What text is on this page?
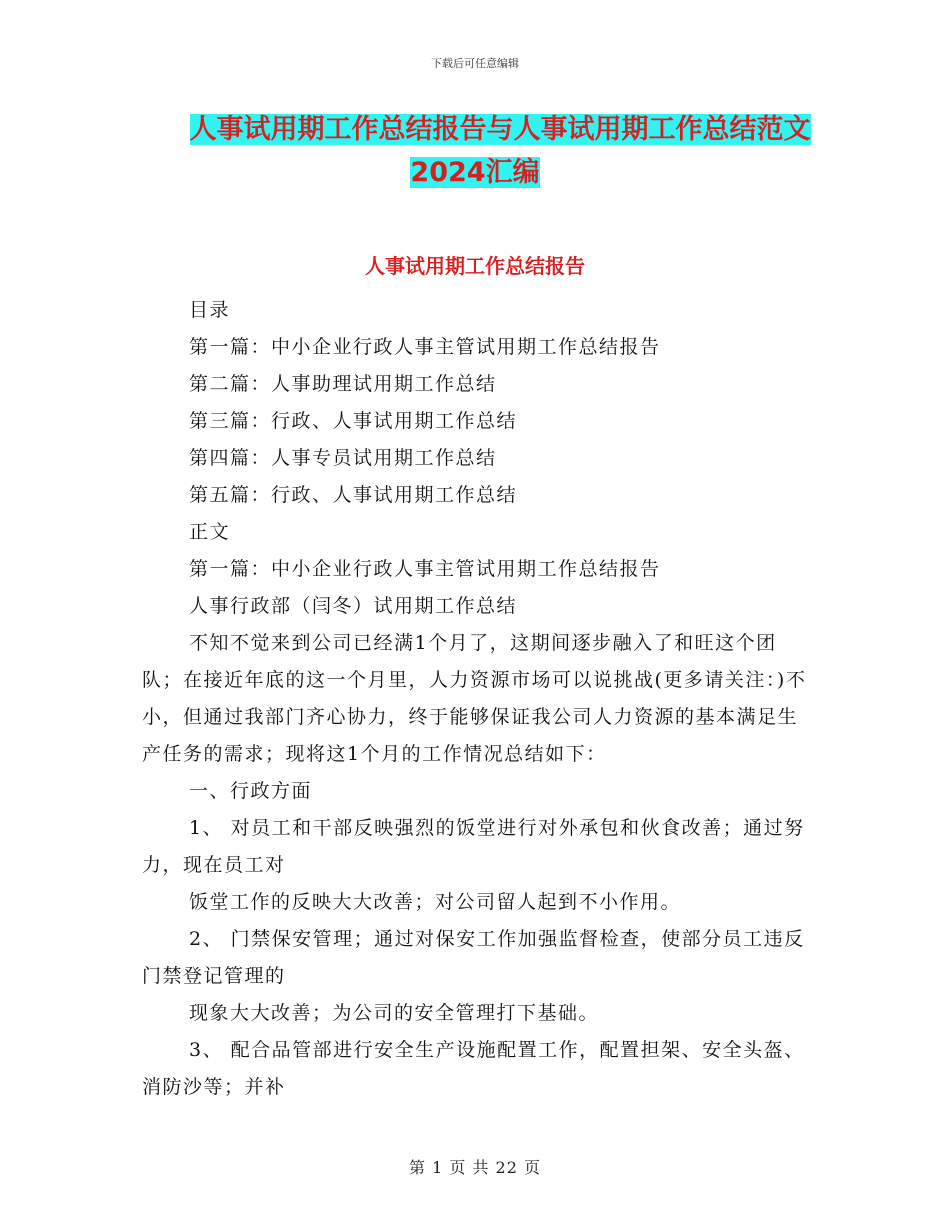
下载后可任意编辑
人事试用期工作总结报告与人事试用期工作总结范文
2024汇编
人事试用期工作总结报告

目录

第一篇：中小企业行政人事主管试用期工作总结报告

第二篇：人事助理试用期工作总结

第三篇：行政、人事试用期工作总结

第四篇：人事专员试用期工作总结

第五篇：行政、人事试用期工作总结

正文

第一篇：中小企业行政人事主管试用期工作总结报告

人事行政部（闫冬）试用期工作总结

不知不觉来到公司已经满1个月了，这期间逐步融入了和旺这个团队；在接近年底的这一个月里，人力资源市场可以说挑战(更多请关注：)不小，但通过我部门齐心协力，终于能够保证我公司人力资源的基本满足生产任务的需求；现将这1个月的工作情况总结如下：

一、行政方面

1、 对员工和干部反映强烈的饭堂进行对外承包和伙食改善；通过努力，现在员工对

饭堂工作的反映大大改善；对公司留人起到不小作用。

2、 门禁保安管理；通过对保安工作加强监督检查，使部分员工违反门禁登记管理的

现象大大改善；为公司的安全管理打下基础。

3、 配合品管部进行安全生产设施配置工作，配置担架、安全头盔、消防沙等；并补

第 1 页 共 22 页
